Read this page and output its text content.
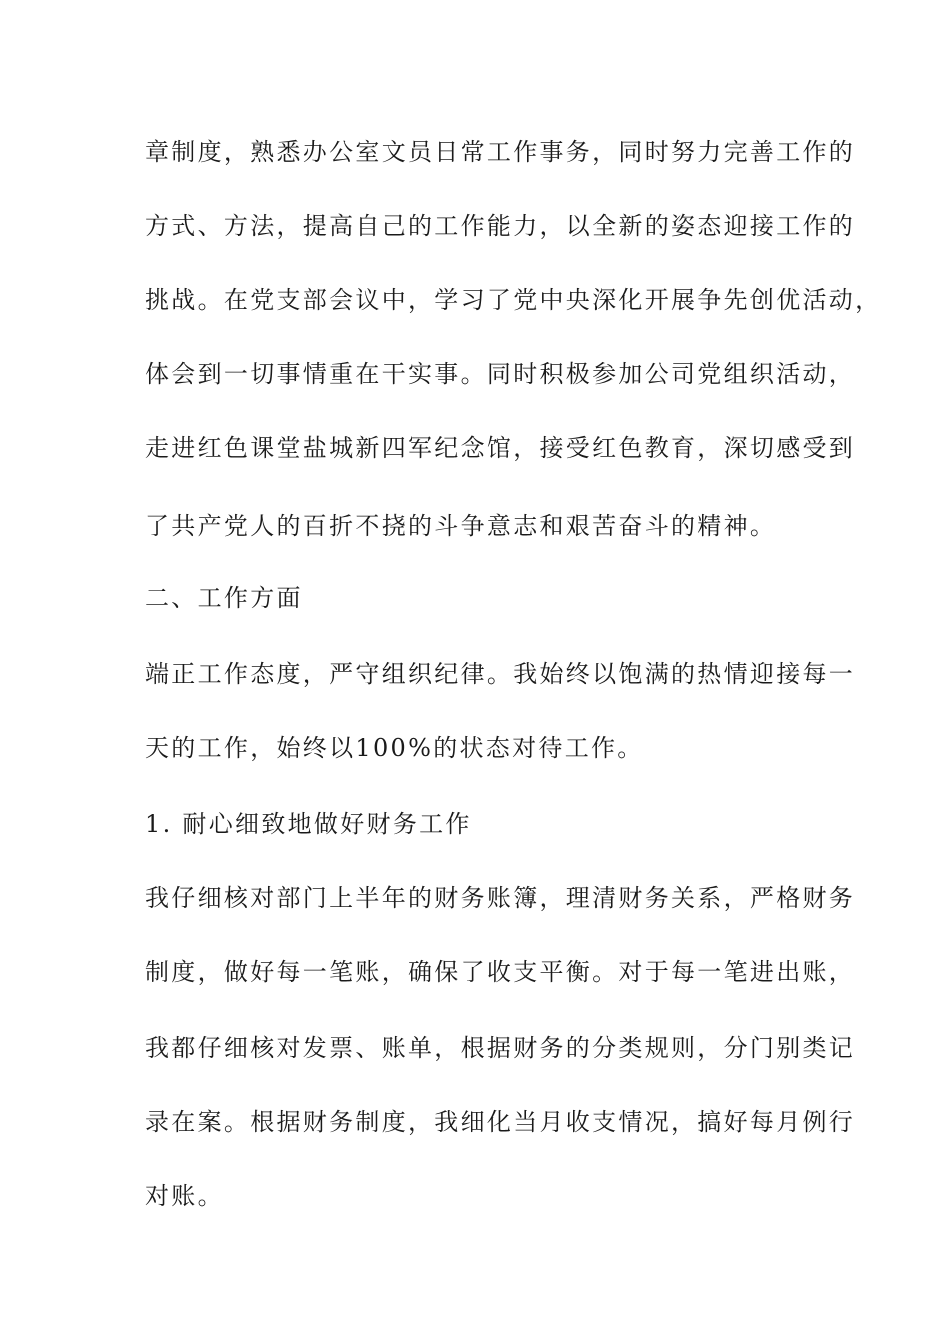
章制度，熟悉办公室文员日常工作事务，同时努力完善工作的
方式、方法，提高自己的工作能力，以全新的姿态迎接工作的
挑战。在党支部会议中，学习了党中央深化开展争先创优活动，
体会到一切事情重在干实事。同时积极参加公司党组织活动，
走进红色课堂盐城新四军纪念馆，接受红色教育，深切感受到
了共产党人的百折不挠的斗争意志和艰苦奋斗的精神。
二、工作方面
端正工作态度，严守组织纪律。我始终以饱满的热情迎接每一
天的工作，始终以100%的状态对待工作。
1. 耐心细致地做好财务工作
我仔细核对部门上半年的财务账簿，理清财务关系，严格财务
制度，做好每一笔账，确保了收支平衡。对于每一笔进出账，
我都仔细核对发票、账单，根据财务的分类规则，分门别类记
录在案。根据财务制度，我细化当月收支情况，搞好每月例行
对账。
